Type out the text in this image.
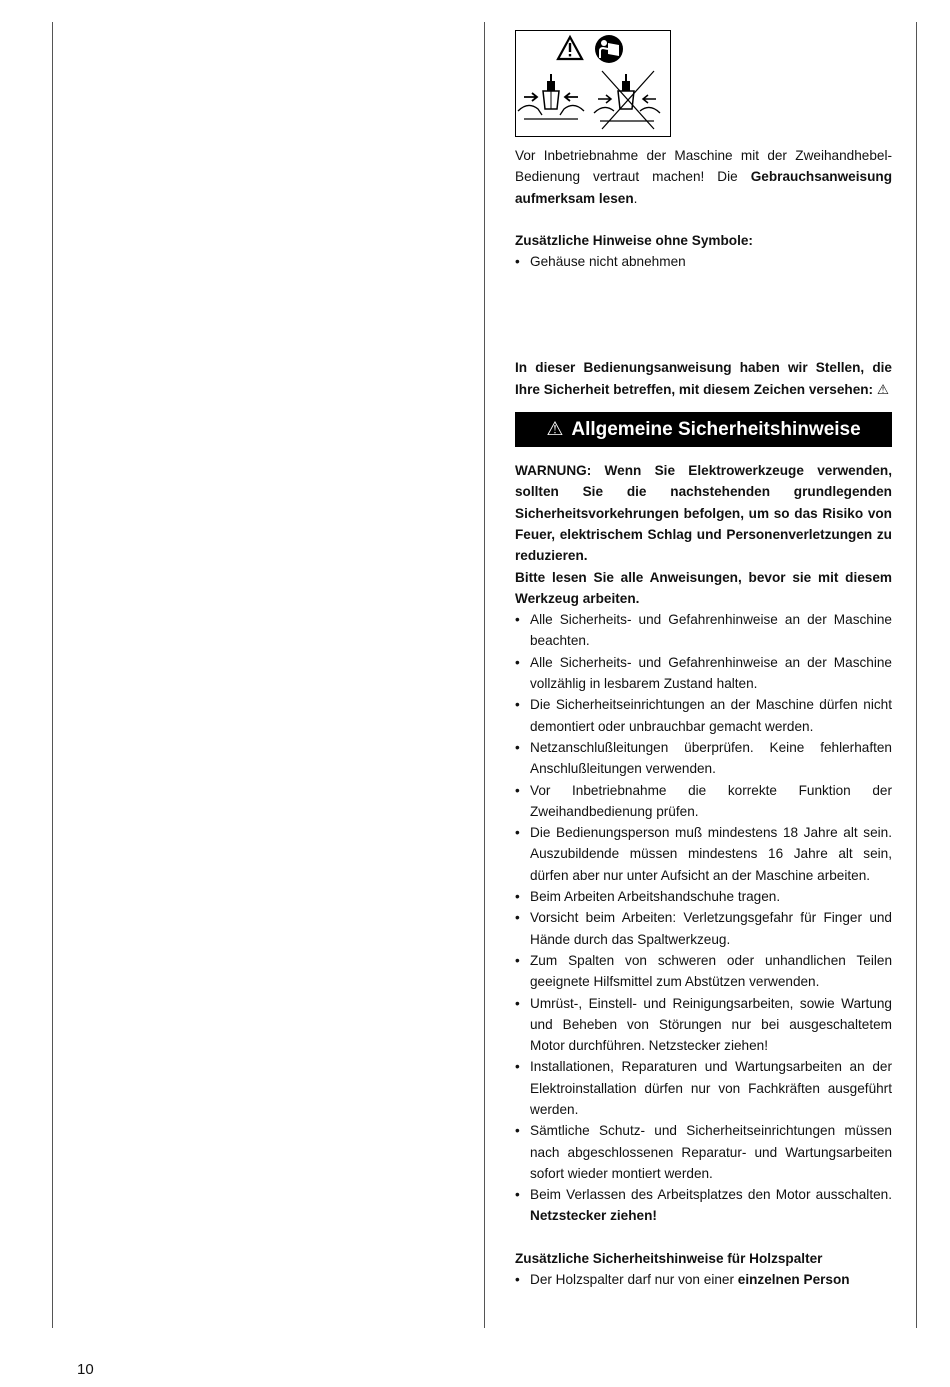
Vor Inbetriebnahme der Maschine mit der Zweihandhebel-Bedienung vertraut machen! Die Gebrauchsanweisung aufmerksam lesen.

Zusätzliche Hinweise ohne Symbole:

• Gehäuse nicht abnehmen

In dieser Bedienungsanweisung haben wir Stellen, die Ihre Sicherheit betreffen, mit diesem Zeichen versehen: ⚠

⚠ Allgemeine Sicherheitshinweise

WARNUNG: Wenn Sie Elektrowerkzeuge verwenden, sollten Sie die nachstehenden grundlegenden Sicherheitsvorkehrungen befolgen, um so das Risiko von Feuer, elektrischem Schlag und Personenverletzungen zu reduzieren.

Bitte lesen Sie alle Anweisungen, bevor sie mit diesem Werkzeug arbeiten.

• Alle Sicherheits- und Gefahrenhinweise an der Maschine beachten.
• Alle Sicherheits- und Gefahrenhinweise an der Maschine vollzählig in lesbarem Zustand halten.
• Die Sicherheitseinrichtungen an der Maschine dürfen nicht demontiert oder unbrauchbar gemacht werden.
• Netzanschlußleitungen überprüfen. Keine fehlerhaften Anschlußleitungen verwenden.
• Vor Inbetriebnahme die korrekte Funktion der Zweihandbedienung prüfen.
• Die Bedienungsperson muß mindestens 18 Jahre alt sein. Auszubildende müssen mindestens 16 Jahre alt sein, dürfen aber nur unter Aufsicht an der Maschine arbeiten.
• Beim Arbeiten Arbeitshandschuhe tragen.
• Vorsicht beim Arbeiten: Verletzungsgefahr für Finger und Hände durch das Spaltwerkzeug.
• Zum Spalten von schweren oder unhandlichen Teilen geeignete Hilfsmittel zum Abstützen verwenden.
• Umrüst-, Einstell- und Reinigungsarbeiten, sowie Wartung und Beheben von Störungen nur bei ausgeschaltetem Motor durchführen. Netzstecker ziehen!
• Installationen, Reparaturen und Wartungsarbeiten an der Elektroinstallation dürfen nur von Fachkräften ausgeführt werden.
• Sämtliche Schutz- und Sicherheitseinrichtungen müssen nach abgeschlossenen Reparatur- und Wartungsarbeiten sofort wieder montiert werden.
• Beim Verlassen des Arbeitsplatzes den Motor ausschalten. Netzstecker ziehen!

Zusätzliche Sicherheitshinweise für Holzspalter

• Der Holzspalter darf nur von einer einzelnen Person
10
